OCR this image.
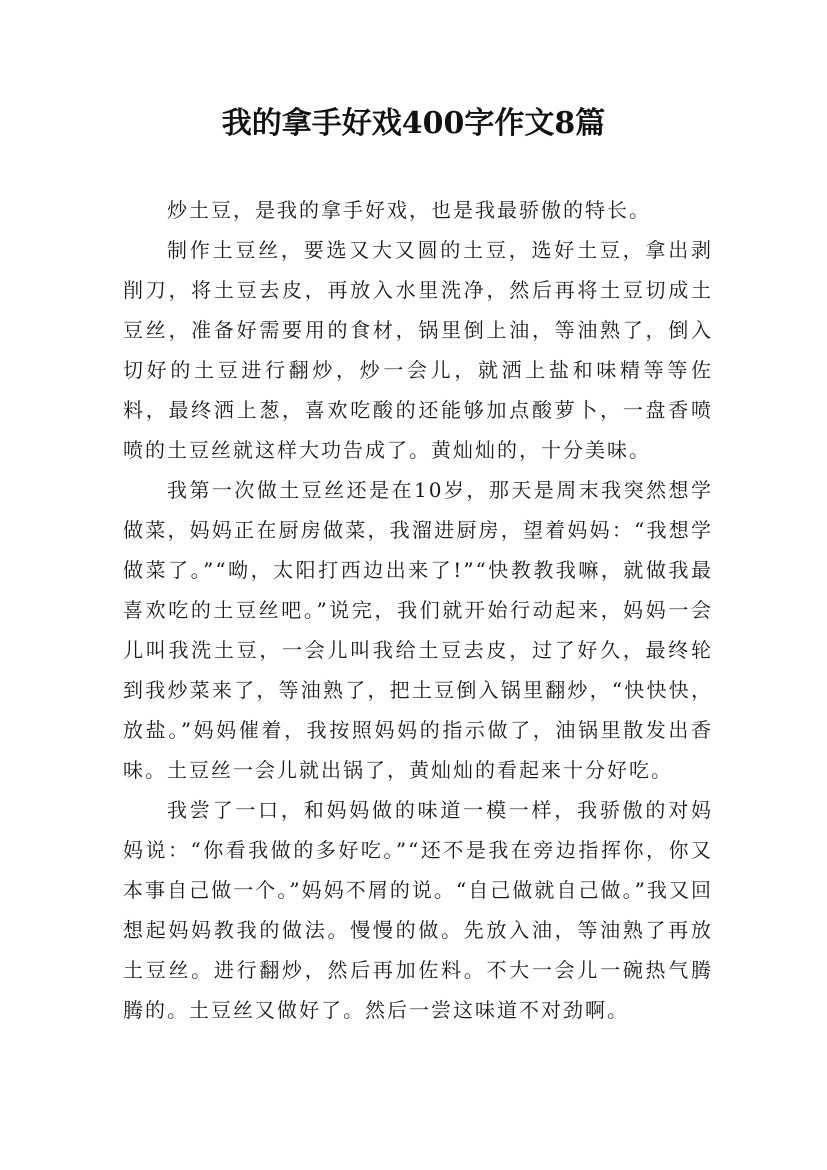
我的拿手好戏400字作文8篇

炒土豆，是我的拿手好戏，也是我最骄傲的特长。

制作土豆丝，要选又大又圆的土豆，选好土豆，拿出剥削刀，将土豆去皮，再放入水里洗净，然后再将土豆切成土豆丝，准备好需要用的食材，锅里倒上油，等油熟了，倒入切好的土豆进行翻炒，炒一会儿，就洒上盐和味精等等佐料，最终洒上葱，喜欢吃酸的还能够加点酸萝卜，一盘香喷喷的土豆丝就这样大功告成了。黄灿灿的，十分美味。

我第一次做土豆丝还是在10岁，那天是周末我突然想学做菜，妈妈正在厨房做菜，我溜进厨房，望着妈妈：“我想学做菜了。”“呦，太阳打西边出来了!”“快教教我嘛，就做我最喜欢吃的土豆丝吧。”说完，我们就开始行动起来，妈妈一会儿叫我洗土豆，一会儿叫我给土豆去皮，过了好久，最终轮到我炒菜来了，等油熟了，把土豆倒入锅里翻炒，“快快快，放盐。”妈妈催着，我按照妈妈的指示做了，油锅里散发出香味。土豆丝一会儿就出锅了，黄灿灿的看起来十分好吃。

我尝了一口，和妈妈做的味道一模一样，我骄傲的对妈妈说：“你看我做的多好吃。”“还不是我在旁边指挥你，你又本事自己做一个。”妈妈不屑的说。“自己做就自己做。”我又回想起妈妈教我的做法。慢慢的做。先放入油，等油熟了再放土豆丝。进行翻炒，然后再加佐料。不大一会儿一碗热气腾腾的。土豆丝又做好了。然后一尝这味道不对劲啊。
